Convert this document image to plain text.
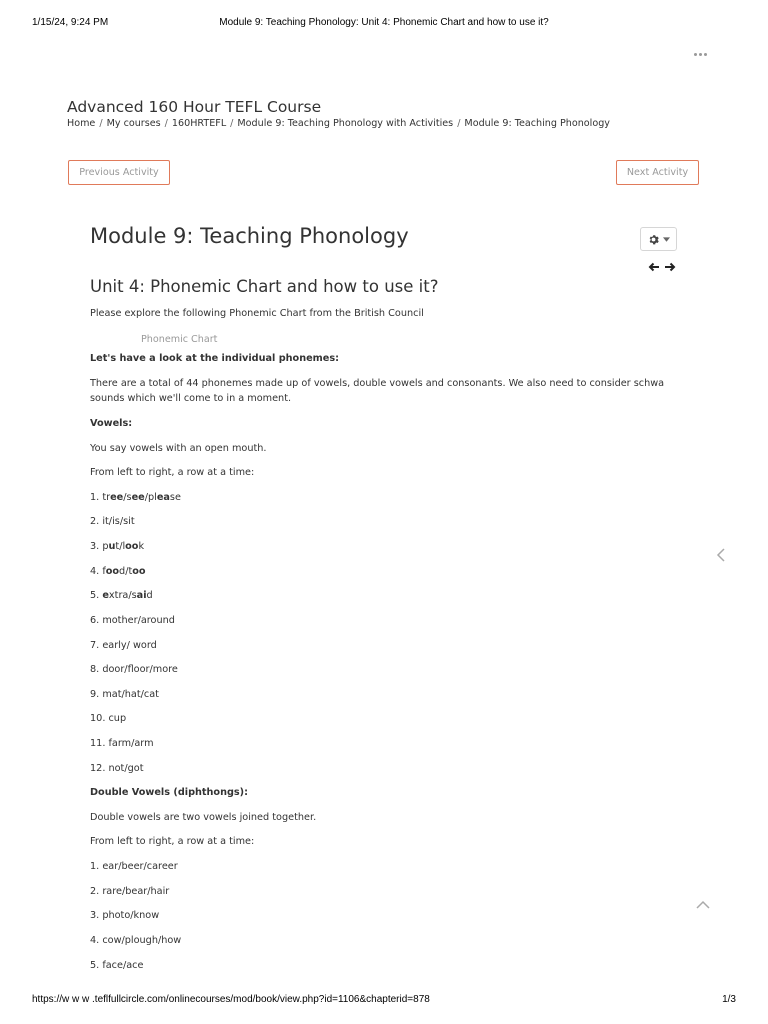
1/15/24, 9:24 PM	Module 9: Teaching Phonology: Unit 4: Phonemic Chart and how to use it?
Advanced 160 Hour TEFL Course
Home / My courses / 160HRTEFL / Module 9: Teaching Phonology with Activities / Module 9: Teaching Phonology
Previous Activity	Next Activity
Module 9: Teaching Phonology
Unit 4: Phonemic Chart and how to use it?
Please explore the following Phonemic Chart from the British Council
Phonemic Chart
Let's have a look at the individual phonemes:
There are a total of 44 phonemes made up of vowels, double vowels and consonants. We also need to consider schwa sounds which we'll come to in a moment.
Vowels:
You say vowels with an open mouth.
From left to right, a row at a time:
1. tree/see/please
2. it/is/sit
3. put/look
4. food/too
5. extra/said
6. mother/around
7. early/ word
8. door/floor/more
9. mat/hat/cat
10. cup
11. farm/arm
12. not/got
Double Vowels (diphthongs):
Double vowels are two vowels joined together.
From left to right, a row at a time:
1. ear/beer/career
2. rare/bear/hair
3. photo/know
4. cow/plough/how
5. face/ace
https://w w w .teflfullcircle.com/onlinecourses/mod/book/view.php?id=1106&chapterid=878	1/3
